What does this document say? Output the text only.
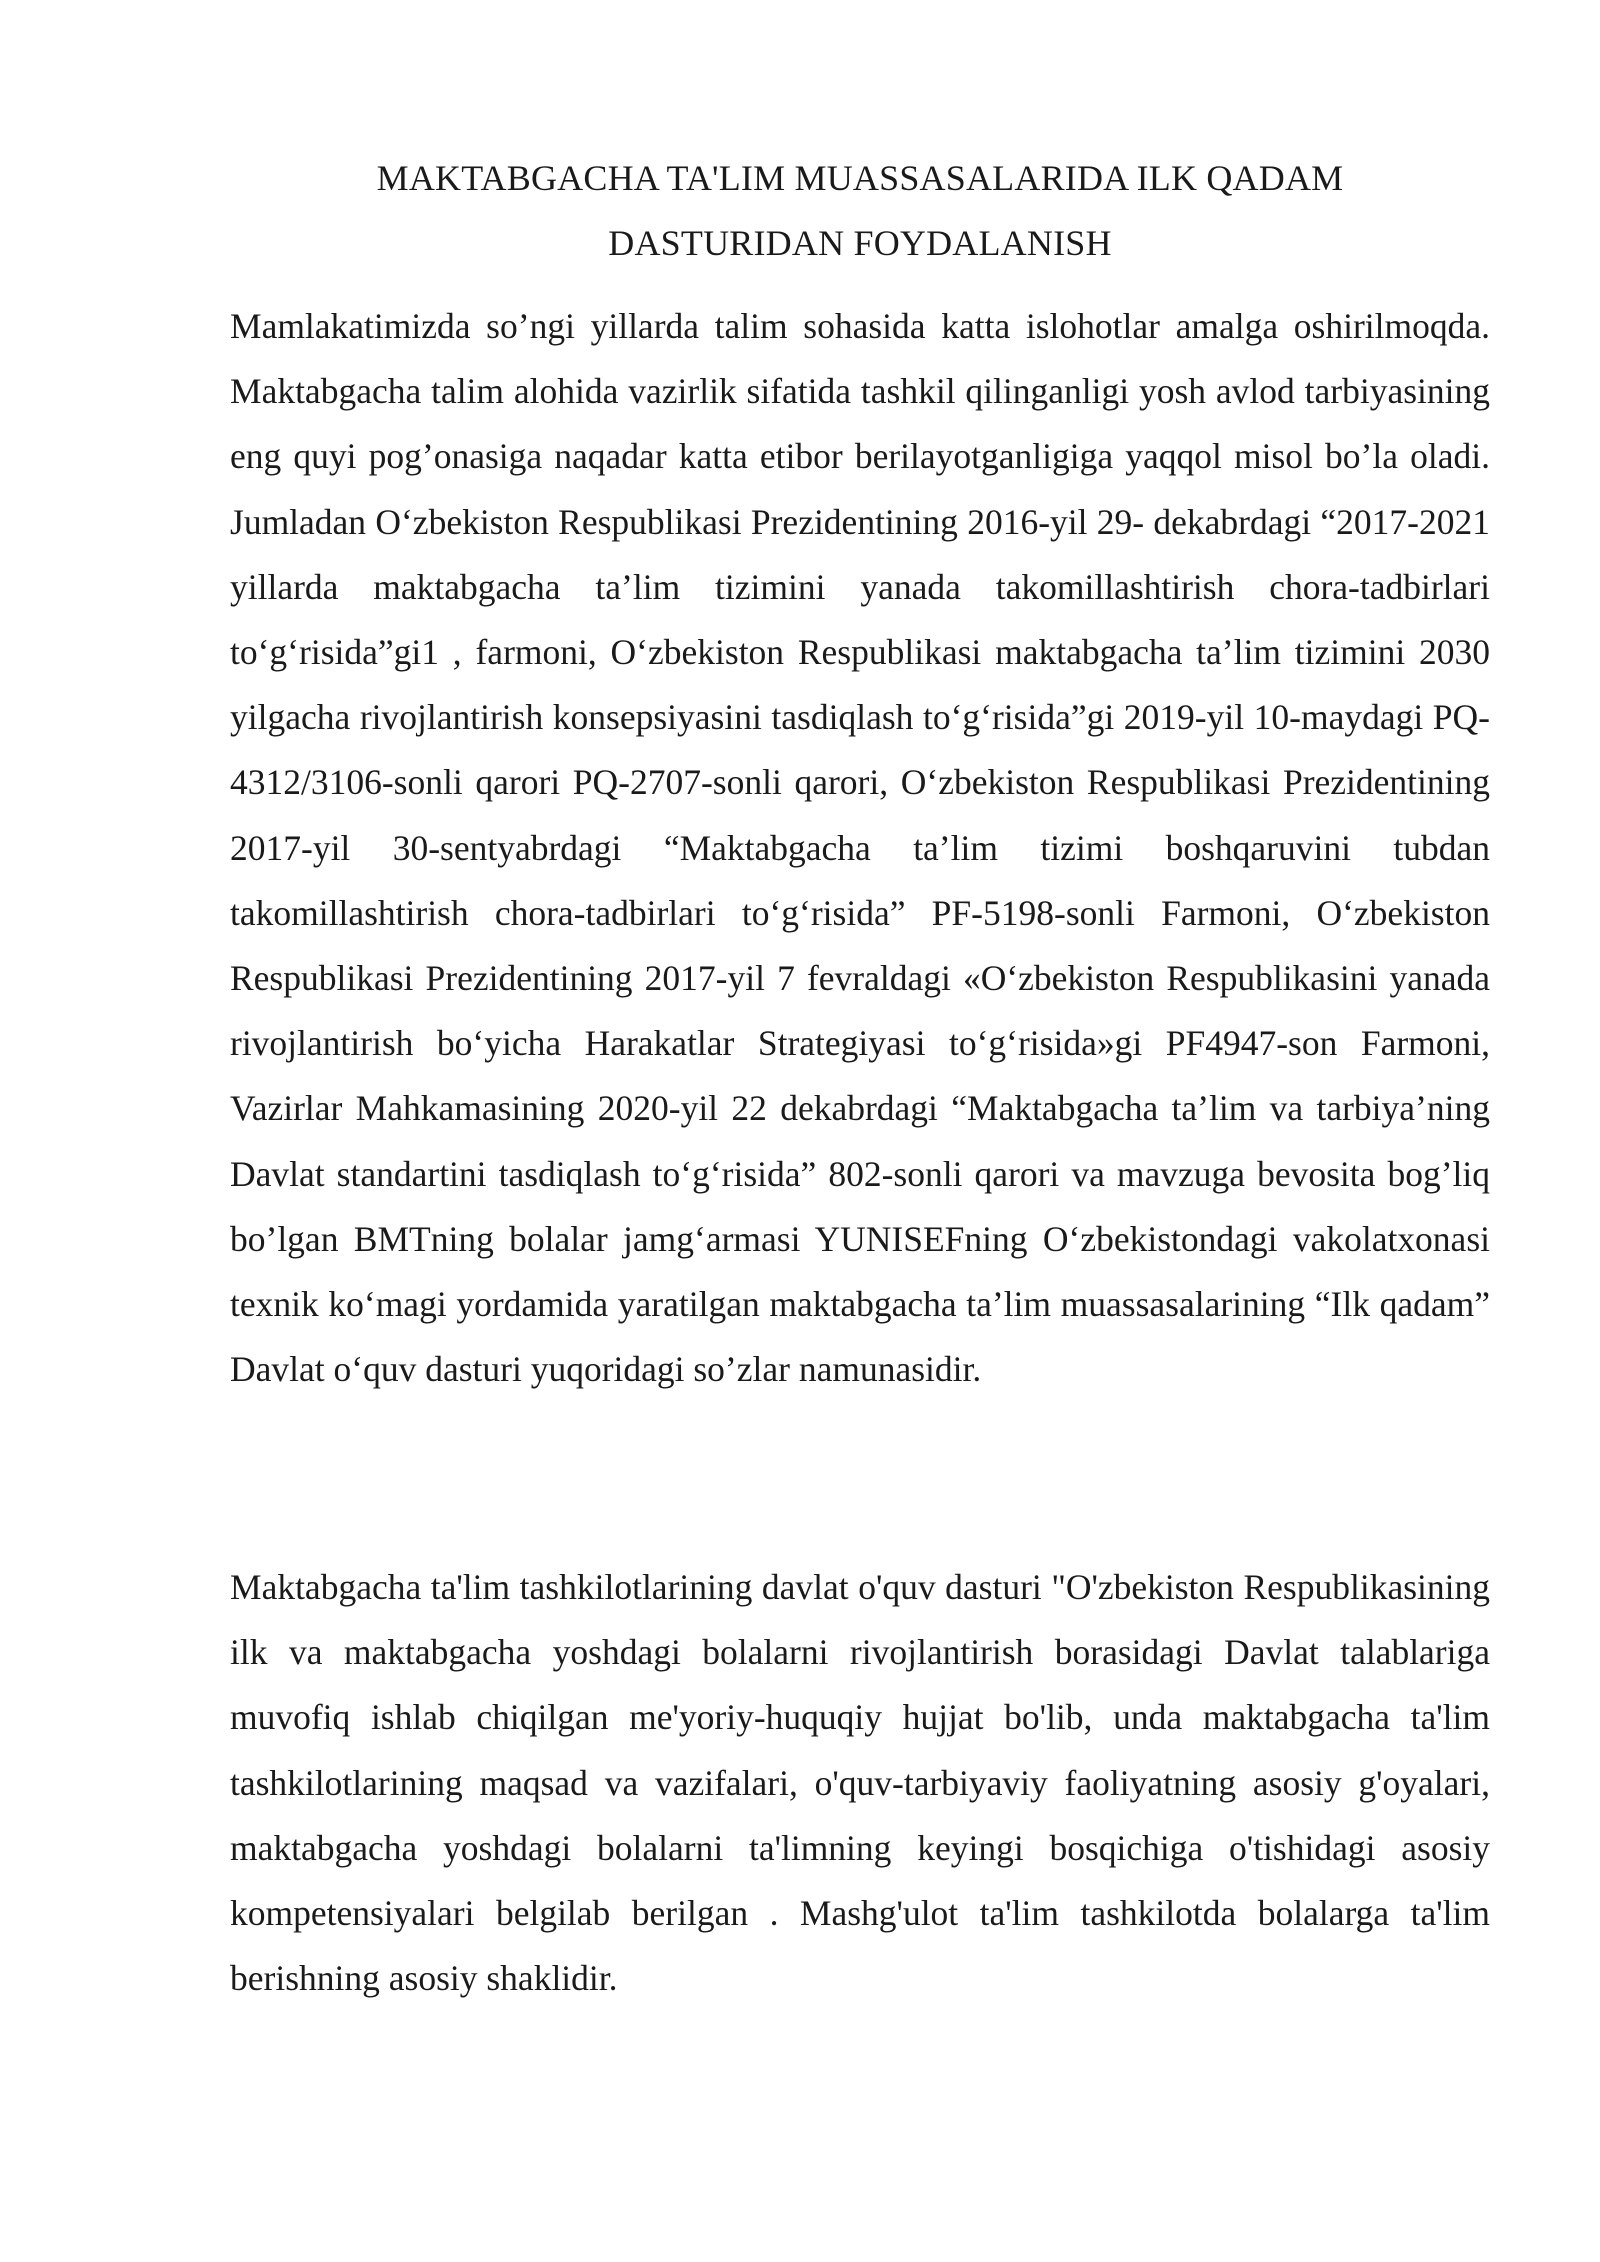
MAKTABGACHA TA'LIM MUASSASALARIDA ILK QADAM
DASTURIDAN FOYDALANISH

Mamlakatimizda so’ngi yillarda talim sohasida katta islohotlar amalga oshirilmoqda. Maktabgacha talim alohida vazirlik sifatida tashkil qilinganligi yosh avlod tarbiyasining eng quyi pog’onasiga naqadar katta etibor berilayotganligiga yaqqol misol bo’la oladi. Jumladan O‘zbekiston Respublikasi Prezidentining 2016-yil 29- dekabrdagi “2017-2021 yillarda maktabgacha ta’lim tizimini yanada takomillashtirish chora-tadbirlari to‘g‘risida”gi1 , farmoni, O‘zbekiston Respublikasi maktabgacha ta’lim tizimini 2030 yilgacha rivojlantirish konsepsiyasini tasdiqlash to‘g‘risida”gi 2019-yil 10-maydagi PQ-4312/3106-sonli qarori PQ-2707-sonli qarori, O‘zbekiston Respublikasi Prezidentining 2017-yil 30-sentyabrdagi “Maktabgacha ta’lim tizimi boshqaruvini tubdan takomillashtirish chora-tadbirlari to‘g‘risida” PF-5198-sonli Farmoni, O‘zbekiston Respublikasi Prezidentining 2017-yil 7 fevraldagi «O‘zbekiston Respublikasini yanada rivojlantirish bo‘yicha Harakatlar Strategiyasi to‘g‘risida»gi PF4947-son Farmoni, Vazirlar Mahkamasining 2020-yil 22 dekabrdagi “Maktabgacha ta’lim va tarbiya’ning Davlat standartini tasdiqlash to‘g‘risida” 802-sonli qarori va mavzuga bevosita bog’liq bo’lgan BMTning bolalar jamg‘armasi YUNISEFning O‘zbekistondagi vakolatxonasi texnik ko‘magi yordamida yaratilgan maktabgacha ta’lim muassasalarining “Ilk qadam” Davlat o‘quv dasturi yuqoridagi so’zlar namunasidir.

Maktabgacha ta'lim tashkilotlarining davlat o'quv dasturi "O'zbekiston Respublikasining ilk va maktabgacha yoshdagi bolalarni rivojlantirish borasidagi Davlat talablariga muvofiq ishlab chiqilgan me'yoriy-huquqiy hujjat bo'lib, unda maktabgacha ta'lim tashkilotlarining maqsad va vazifalari, o'quv-tarbiyaviy faoliyatning asosiy g'oyalari, maktabgacha yoshdagi bolalarni ta'limning keyingi bosqichiga o'tishidagi asosiy kompetensiyalari belgilab berilgan . Mashg'ulot ta'lim tashkilotda bolalarga ta'lim berishning asosiy shaklidir.
